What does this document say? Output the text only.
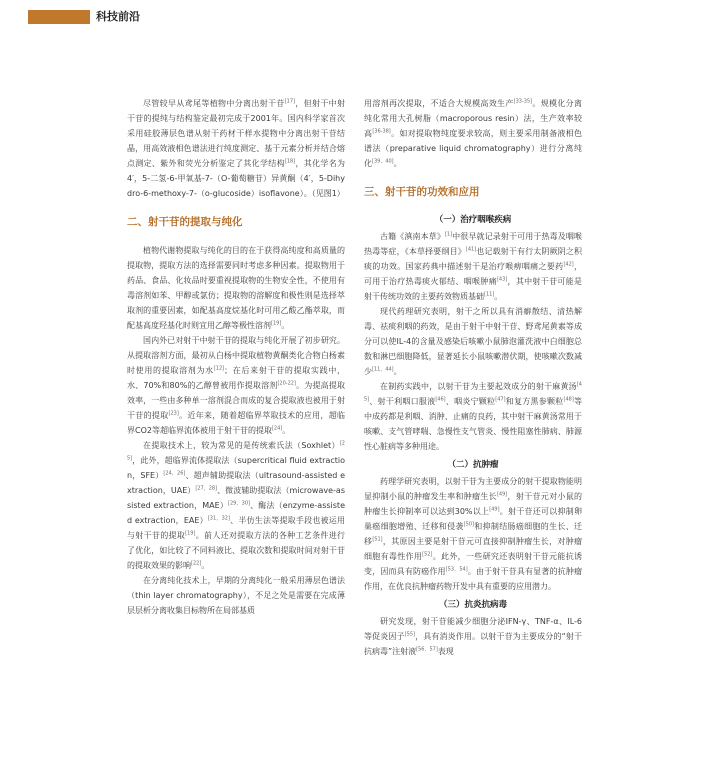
科技前沿

尽管较早从鸢尾等植物中分离出射干苷[17]，但射干中射干苷的提纯与结构鉴定最初完成于2001年。国内科学家首次采用硅胶薄层色谱从射干药材干样水提物中分离出射干苷结晶，用高效液相色谱法进行纯度测定、基于元素分析并结合熔点测定、紫外和荧光分析鉴定了其化学结构[18]，其化学名为4′，5-二氢-6-甲氧基-7-（O-葡萄糖苷）异黄酮（4′，5-Dihydro-6-methoxy-7-（o-glucoside）isoflavone）。（见图1）

二、射干苷的提取与纯化

植物代谢物提取与纯化的目的在于获得高纯度和高质量的提取物，提取方法的选择需要同时考虑多种因素。提取物用于药品、食品、化妆品时要重视提取物的生物安全性，不使用有毒溶剂如苯、甲醇或氯仿；提取物的溶解度和极性则是选择萃取剂的重要因素，如配基高度烷基化时可用乙酸乙酯萃取，而配基高度羟基化时则宜用乙醇等极性溶剂[19]。

国内外已对射干中射干苷的提取与纯化开展了初步研究。从提取溶剂方面，最初从白杨中提取植物黄酮类化合物白杨素时使用的提取溶剂为水[12]；在后来射干苷的提取实践中，水、70%和80%的乙醇曾被用作提取溶剂[20-22]。为提高提取效率，一些由多种单一溶剂混合而成的复合提取液也被用于射干苷的提取[23]。近年来，随着超临界萃取技术的应用，超临界CO2等超临界流体被用于射干苷的提取[24]。

在提取技术上，较为常见的是传统索氏法（Soxhlet）[25]，此外，超临界流体提取法（supercritical fluid extraction，SFE）[24，26]、超声辅助提取法（ultrasound-assisted extraction，UAE）[27，28]、微波辅助提取法（microwave-assisted extraction，MAE）[29，30]、酶法（enzyme-assisted extraction，EAE）[31，32]、半仿生法等提取手段也被运用与射干苷的提取[19]。前人还对提取方法的各种工艺条件进行了优化，如比较了不同料液比、提取次数和提取时间对射干苷的提取效果的影响[22]。

在分离纯化技术上，早期的分离纯化一般采用薄层色谱法（thin layer chromatography），不足之处是需要在完成薄层层析分离收集目标物所在局部基质

用溶剂再次提取，不适合大规模高效生产[33-35]。规模化分离纯化常用大孔树脂（macroporous resin）法，生产效率较高[36-38]。如对提取物纯度要求较高，则主要采用制备液相色谱法（preparative liquid chromatography）进行分离纯化[39，40]。

三、射干苷的功效和应用
（一）治疗咽喉疾病

古籍《滇南本草》[1]中很早就记录射干可用于热毒及咽喉热毒等症，《本草择要纲目》[41]也记载射干有行太阴厥阴之积痰的功效。国家药典中描述射干是治疗喉痹咽痛之要药[42]，可用于治疗热毒痰火郁结、咽喉肿痛[43]，其中射干苷可能是射干传统功效的主要药效物质基础[11]。

现代药理研究表明，射干之所以具有消癖散结、清热解毒、祛痰利咽的药效，是由于射干中射干苷、野鸢尾黄素等成分可以使IL-4的含量及感染后咳嗽小鼠肺泡灌洗液中白细胞总数和淋巴细胞降低，显著延长小鼠咳嗽潜伏期，使咳嗽次数减少[11，44]。

在制药实践中，以射干苷为主要起效成分的射干麻黄汤[45]、射干利咽口服液[46]、咽炎宁颗粒[47]和复方黑参颗粒[48]等中成药都是利咽、消肿、止痛的良药，其中射干麻黄汤常用于咳嗽、支气管哮喘、急慢性支气管炎、慢性阻塞性肺病、肺源性心脏病等多种用途。

（二）抗肿瘤

药理学研究表明，以射干苷为主要成分的射干提取物能明显抑制小鼠的肿瘤发生率和肿瘤生长[49]，射干苷元对小鼠的肿瘤生长抑制率可以达到30%以上[49]。射干苷还可以抑制卵巢癌细胞增殖、迁移和侵袭[50]和抑制结肠癌细胞的生长、迁移[51]，其原因主要是射干苷元可直接抑制肿瘤生长，对肿瘤细胞有毒性作用[52]。此外，一些研究还表明射干苷元能抗诱变，因而具有防癌作用[53，54]。由于射干苷具有显著的抗肿瘤作用，在优良抗肿瘤药物开发中具有重要的应用潜力。

（三）抗炎抗病毒

研究发现，射干苷能减少细胞分泌IFN-γ、TNF-α、IL-6等促炎因子[55]，具有消炎作用。以射干苷为主要成分的“射干抗病毒”注射液[56，57]表现
